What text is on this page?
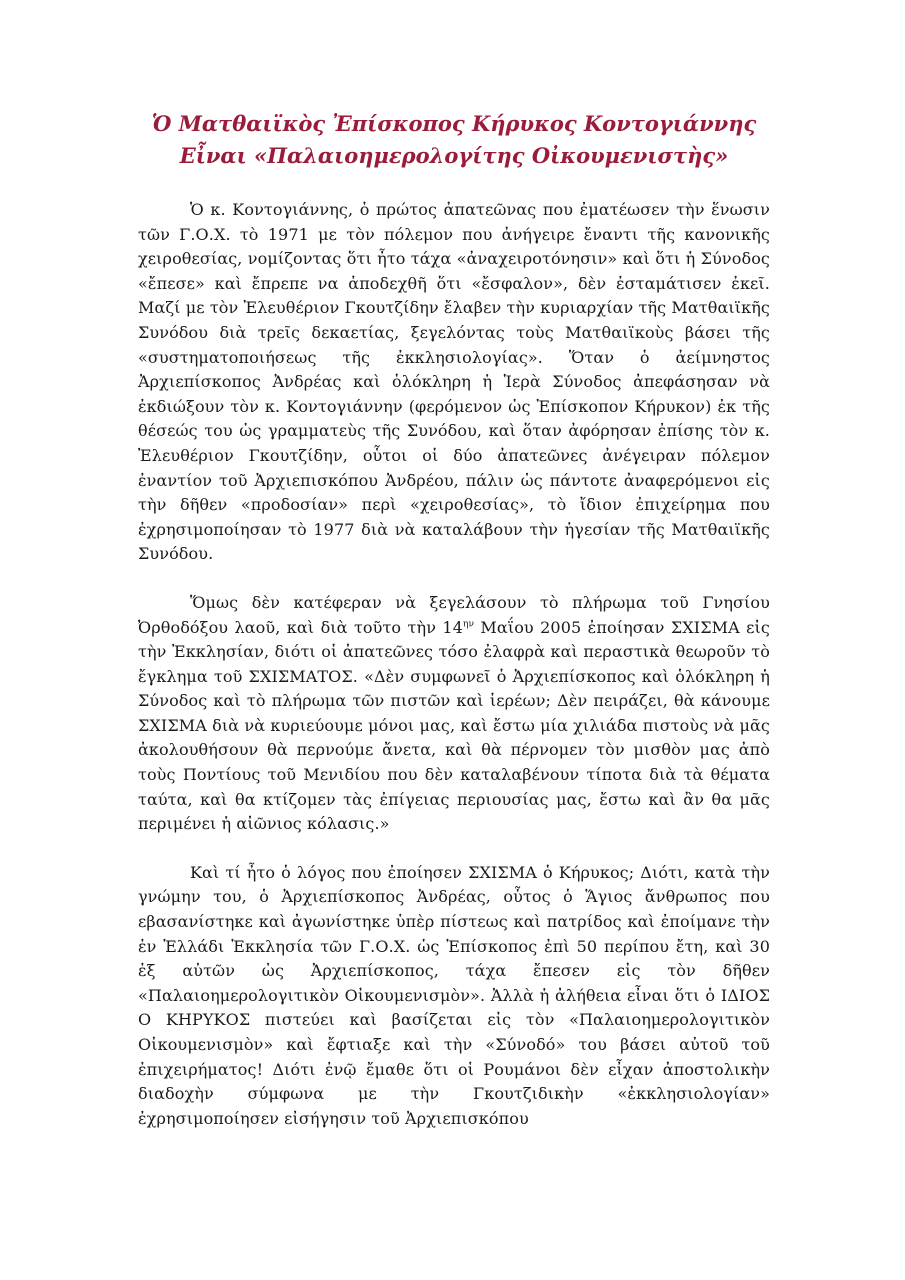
Ὁ Ματθαιϊκὸς Ἐπίσκοπος Κήρυκος Κοντογιάννης
Εἶναι «Παλαιοημερολογίτης Οἰκουμενιστὴς»

Ὁ κ. Κοντογιάννης, ὁ πρώτος ἀπατεῶνας που ἐματέωσεν τὴν ἕνωσιν τῶν Γ.Ο.Χ. τὸ 1971 με τὸν πόλεμον που ἀνήγειρε ἔναντι τῆς κανονικῆς χειροθεσίας, νομίζοντας ὅτι ἦτο τάχα «ἀναχειροτόνησιν» καὶ ὅτι ἡ Σύνοδος «ἔπεσε» καὶ ἔπρεπε να ἀποδεχθῆ ὅτι «ἔσφαλον», δὲν ἐσταμάτισεν ἐκεῖ. Μαζί με τὸν Ἐλευθέριον Γκουτζίδην ἔλαβεν τὴν κυριαρχίαν τῆς Ματθαιϊκῆς Συνόδου διὰ τρεῖς δεκαετίας, ξεγελόντας τοὺς Ματθαιϊκοὺς βάσει τῆς «συστηματοποιήσεως τῆς ἐκκλησιολογίας». Ὅταν ὁ ἀείμνηστος Ἀρχιεπίσκοπος Ἀνδρέας καὶ ὁλόκληρη ἡ Ἱερὰ Σύνοδος ἀπεφάσησαν νὰ ἐκδιώξουν τὸν κ. Κοντογιάννην (φερόμενον ὡς Ἐπίσκοπον Κήρυκον) ἐκ τῆς θέσεώς του ὡς γραμματεὺς τῆς Συνόδου, καὶ ὅταν ἀφόρησαν ἐπίσης τὸν κ. Ἐλευθέριον Γκουτζίδην, οὗτοι οἱ δύο ἀπατεῶνες ἀνέγειραν πόλεμον ἐναντίον τοῦ Ἀρχιεπισκόπου Ἀνδρέου, πάλιν ὡς πάντοτε ἀναφερόμενοι εἰς τὴν δῆθεν «προδοσίαν» περὶ «χειροθεσίας», τὸ ἴδιον ἐπιχείρημα που ἐχρησιμοποίησαν τὸ 1977 διὰ νὰ καταλάβουν τὴν ἡγεσίαν τῆς Ματθαιϊκῆς Συνόδου.

Ὅμως δὲν κατέφεραν νὰ ξεγελάσουν τὸ πλήρωμα τοῦ Γνησίου Ὀρθοδόξου λαοῦ, καὶ διὰ τοῦτο τὴν $14^{\eta\nu}$ Μαΐου 2005 ἐποίησαν ΣΧΙΣΜΑ εἰς τὴν Ἐκκλησίαν, διότι οἱ ἀπατεῶνες τόσο ἐλαφρὰ καὶ περαστικὰ θεωροῦν τὸ ἔγκλημα τοῦ ΣΧΙΣΜΑΤΟΣ. «Δὲν συμφωνεῖ ὁ Ἀρχιεπίσκοπος καὶ ὁλόκληρη ἡ Σύνοδος καὶ τὸ πλήρωμα τῶν πιστῶν καὶ ἱερέων; Δὲν πειράζει, θὰ κάνουμε ΣΧΙΣΜΑ διὰ νὰ κυριεύουμε μόνοι μας, καὶ ἔστω μία χιλιάδα πιστοὺς νὰ μᾶς ἀκολουθήσουν θὰ περνούμε ἄνετα, καὶ θὰ πέρνομεν τὸν μισθὸν μας ἀπὸ τοὺς Ποντίους τοῦ Μενιδίου που δὲν καταλαβένουν τίποτα διὰ τὰ θέματα ταύτα, καὶ θα κτίζομεν τὰς ἐπίγειας περιουσίας μας, ἔστω καὶ ἂν θα μᾶς περιμένει ἡ αἰῶνιος κόλασις.»

Καὶ τί ἦτο ὁ λόγος που ἐποίησεν ΣΧΙΣΜΑ ὁ Κήρυκος; Διότι, κατὰ τὴν γνώμην του, ὁ Ἀρχιεπίσκοπος Ἀνδρέας, οὗτος ὁ Ἅγιος ἄνθρωπος που εβασανίστηκε καὶ ἀγωνίστηκε ὑπὲρ πίστεως καὶ πατρίδος καὶ ἐποίμανε τὴν ἐν Ἑλλάδι Ἐκκλησία τῶν Γ.Ο.Χ. ὡς Ἐπίσκοπος ἐπὶ 50 περίπου ἔτη, καὶ 30 ἐξ αὐτῶν ὡς Ἀρχιεπίσκοπος, τάχα ἔπεσεν εἰς τὸν δῆθεν «Παλαιοημερολογιτικὸν Οἰκουμενισμὸν». Ἀλλὰ ἡ ἀλήθεια εἶναι ὅτι ὁ ΙΔΙΟΣ Ο ΚΗΡΥΚΟΣ πιστεύει καὶ βασίζεται εἰς τὸν «Παλαιοημερολογιτικὸν Οἰκουμενισμὸν» καὶ ἔφτιαξε καὶ τὴν «Σύνοδό» του βάσει αὐτοῦ τοῦ ἐπιχειρήματος! Διότι ἐνῷ ἔμαθε ὅτι οἱ Ρουμάνοι δὲν εἶχαν ἀποστολικὴν διαδοχὴν σύμφωνα με τὴν Γκουτζιδικὴν «ἐκκλησιολογίαν» ἐχρησιμοποίησεν εἰσήγησιν τοῦ Ἀρχιεπισκόπου
